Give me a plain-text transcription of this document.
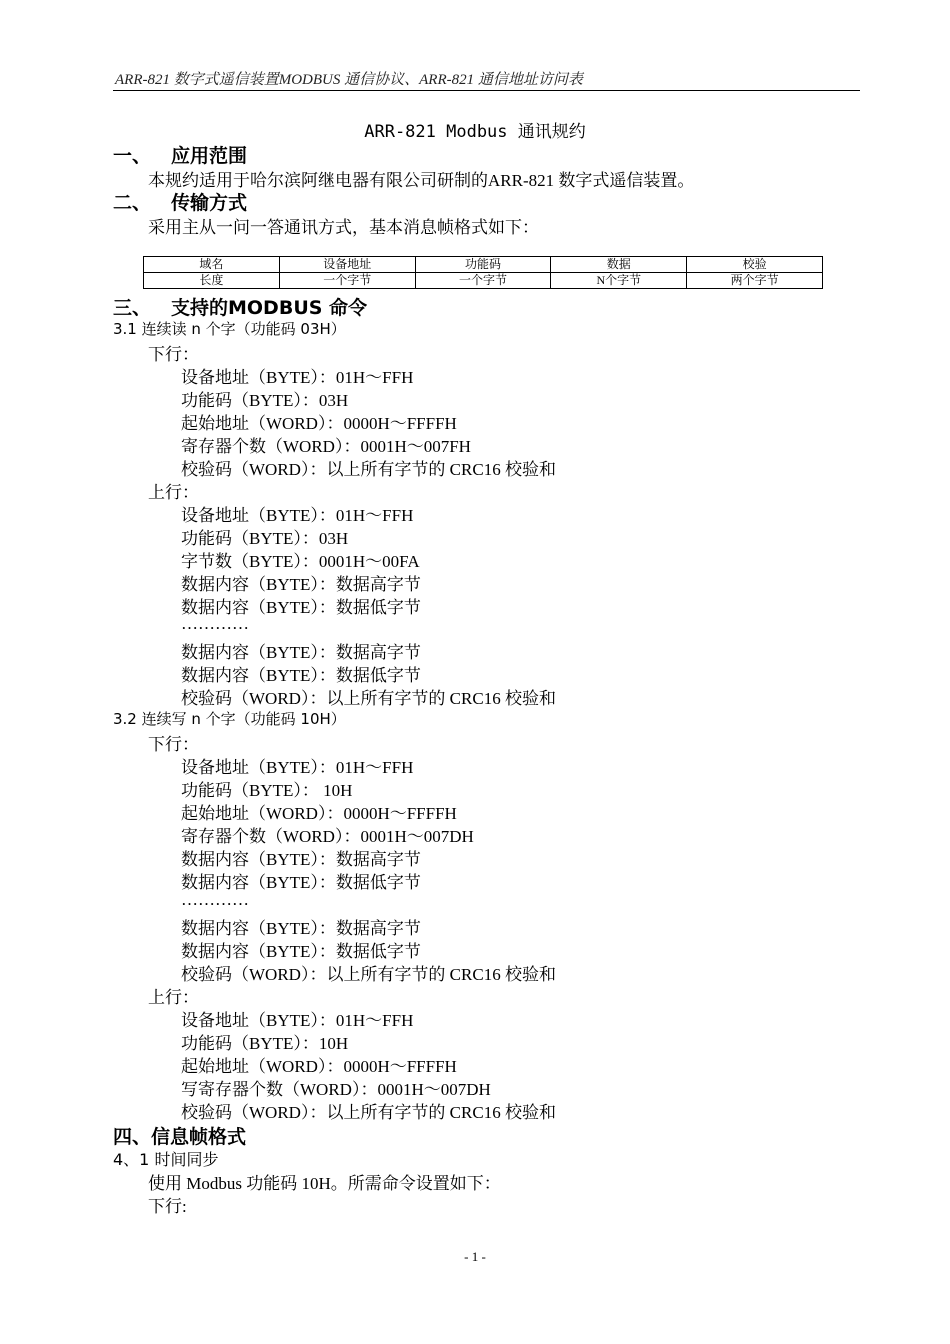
ARR-821 数字式遥信装置MODBUS 通信协议、ARR-821 通信地址访问表
ARR-821 Modbus 通讯规约
一、 应用范围
本规约适用于哈尔滨阿继电器有限公司研制的ARR-821 数字式遥信装置。
二、 传输方式
采用主从一问一答通讯方式，基本消息帧格式如下：
域名	设备地址	功能码	数据	校验
长度	一个字节	一个字节	N个字节	两个字节
三、 支持的MODBUS 命令
3.1 连续读 n 个字（功能码 03H）
下行：
设备地址（BYTE）：01H～FFH
功能码（BYTE）：03H
起始地址（WORD）：0000H～FFFFH
寄存器个数（WORD）：0001H～007FH
校验码（WORD）：以上所有字节的 CRC16 校验和
上行：
设备地址（BYTE）：01H～FFH
功能码（BYTE）：03H
字节数（BYTE）：0001H～00FA
数据内容（BYTE）：数据高字节
数据内容（BYTE）：数据低字节
…………
数据内容（BYTE）：数据高字节
数据内容（BYTE）：数据低字节
校验码（WORD）：以上所有字节的 CRC16 校验和
3.2 连续写 n 个字（功能码 10H）
下行：
设备地址（BYTE）：01H～FFH
功能码（BYTE）： 10H
起始地址（WORD）：0000H～FFFFH
寄存器个数（WORD）：0001H～007DH
数据内容（BYTE）：数据高字节
数据内容（BYTE）：数据低字节
…………
数据内容（BYTE）：数据高字节
数据内容（BYTE）：数据低字节
校验码（WORD）：以上所有字节的 CRC16 校验和
上行：
设备地址（BYTE）：01H～FFH
功能码（BYTE）：10H
起始地址（WORD）：0000H～FFFFH
写寄存器个数（WORD）：0001H～007DH
校验码（WORD）：以上所有字节的 CRC16 校验和
四、信息帧格式
4、1 时间同步
使用 Modbus 功能码 10H。所需命令设置如下：
下行:
- 1 -
